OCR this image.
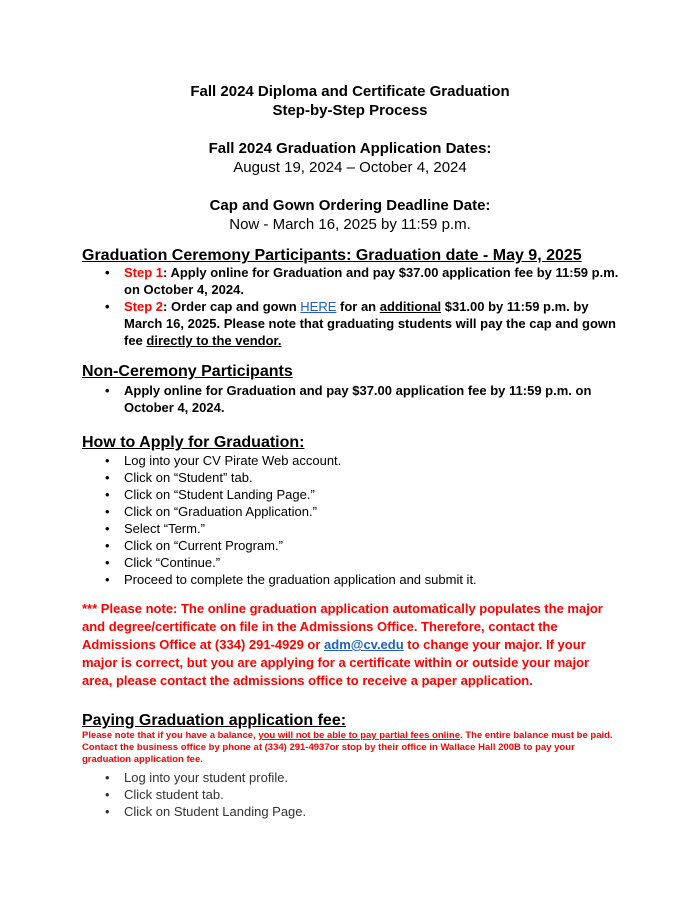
Fall 2024 Diploma and Certificate Graduation
Step-by-Step Process
Fall 2024 Graduation Application Dates:
August 19, 2024 – October 4, 2024
Cap and Gown Ordering Deadline Date:
Now - March 16, 2025 by 11:59 p.m.
Graduation Ceremony Participants: Graduation date - May 9, 2025
• Step 1: Apply online for Graduation and pay $37.00 application fee by 11:59 p.m. on October 4, 2024.
• Step 2: Order cap and gown HERE for an additional $31.00 by 11:59 p.m. by March 16, 2025. Please note that graduating students will pay the cap and gown fee directly to the vendor.
Non-Ceremony Participants
• Apply online for Graduation and pay $37.00 application fee by 11:59 p.m. on October 4, 2024.
How to Apply for Graduation:
• Log into your CV Pirate Web account.
• Click on “Student” tab.
• Click on “Student Landing Page.”
• Click on “Graduation Application.”
• Select “Term.”
• Click on “Current Program.”
• Click “Continue.”
• Proceed to complete the graduation application and submit it.
*** Please note: The online graduation application automatically populates the major and degree/certificate on file in the Admissions Office. Therefore, contact the Admissions Office at (334) 291-4929 or adm@cv.edu to change your major. If your major is correct, but you are applying for a certificate within or outside your major area, please contact the admissions office to receive a paper application.
Paying Graduation application fee:
Please note that if you have a balance, you will not be able to pay partial fees online. The entire balance must be paid. Contact the business office by phone at (334) 291-4937or stop by their office in Wallace Hall 200B to pay your graduation application fee.
• Log into your student profile.
• Click student tab.
• Click on Student Landing Page.
